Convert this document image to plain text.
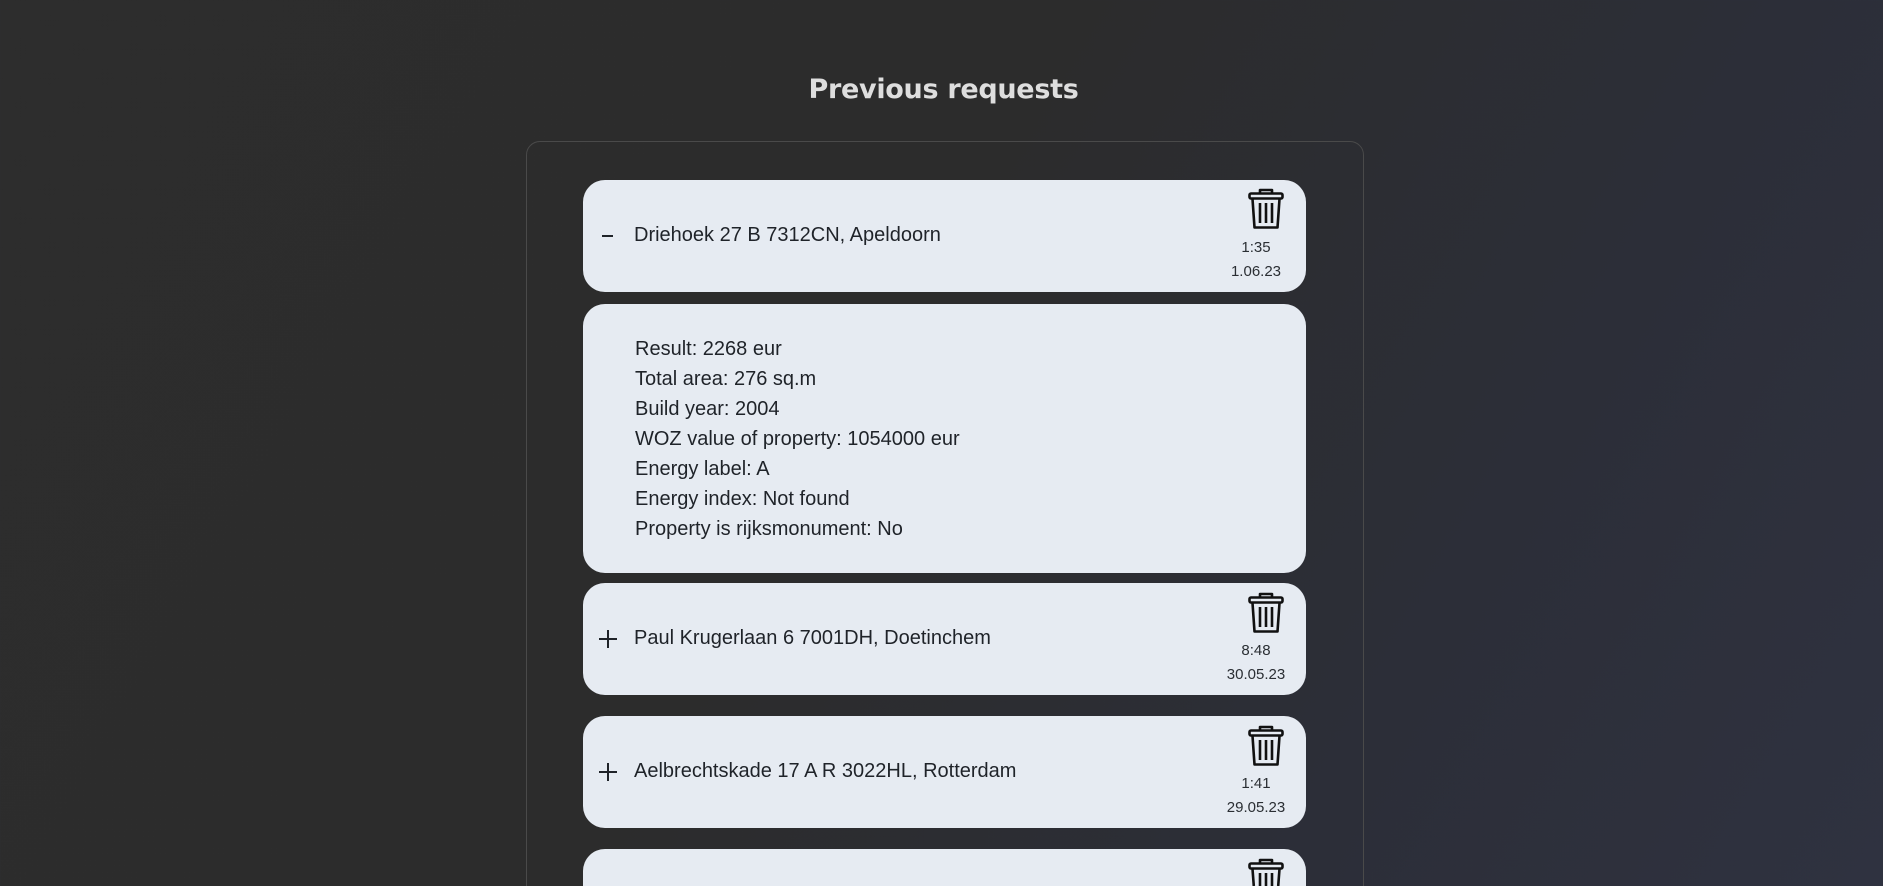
Previous requests
Driehoek 27 B 7312CN, Apeldoorn
1:35
1.06.23
Result: 2268 eur
Total area: 276 sq.m
Build year: 2004
WOZ value of property: 1054000 eur
Energy label: A
Energy index: Not found
Property is rijksmonument: No
Paul Krugerlaan 6 7001DH, Doetinchem
8:48
30.05.23
Aelbrechtskade 17 A R 3022HL, Rotterdam
1:41
29.05.23
